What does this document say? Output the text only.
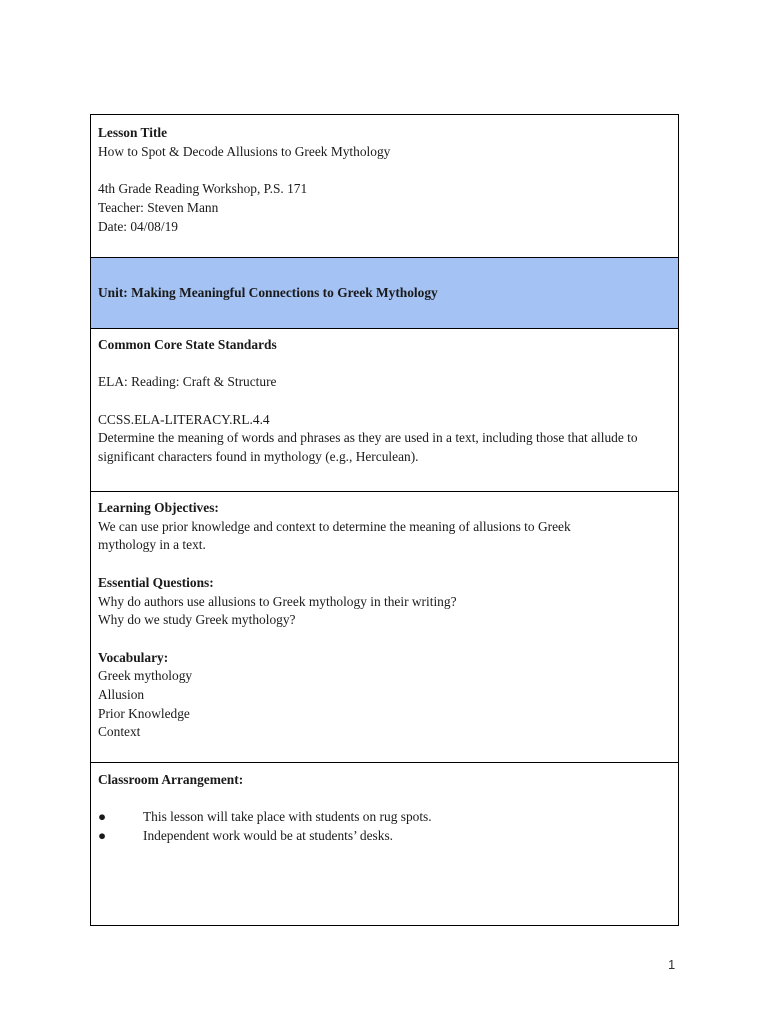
Lesson Title
How to Spot & Decode Allusions to Greek Mythology
4th Grade Reading Workshop, P.S. 171
Teacher: Steven Mann
Date: 04/08/19
Unit: Making Meaningful Connections to Greek Mythology
Common Core State Standards
ELA: Reading: Craft & Structure
CCSS.ELA-LITERACY.RL.4.4
Determine the meaning of words and phrases as they are used in a text, including those that allude to significant characters found in mythology (e.g., Herculean).
Learning Objectives:
We can use prior knowledge and context to determine the meaning of allusions to Greek
mythology in a text.
Essential Questions:
Why do authors use allusions to Greek mythology in their writing?
Why do we study Greek mythology?
Vocabulary:
Greek mythology
Allusion
Prior Knowledge
Context
Classroom Arrangement:
●	This lesson will take place with students on rug spots.
●	Independent work would be at students’ desks.
1
